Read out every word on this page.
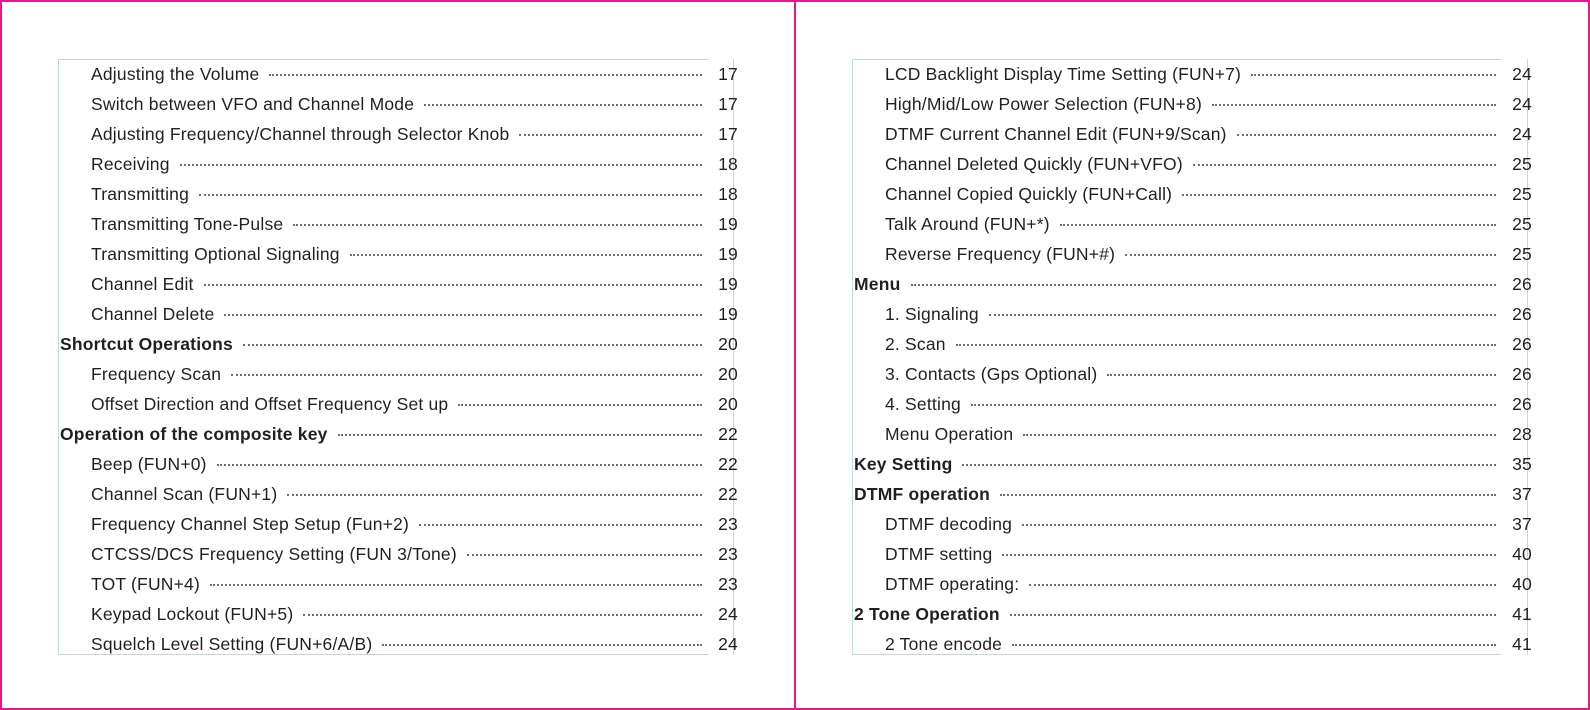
Adjusting the Volume	17
Switch between VFO and Channel Mode	17
Adjusting Frequency/Channel through Selector Knob	17
Receiving	18
Transmitting	18
Transmitting Tone-Pulse	19
Transmitting Optional Signaling	19
Channel Edit	19
Channel Delete	19
Shortcut Operations	20
Frequency Scan	20
Offset Direction and Offset Frequency Set up	20
Operation of the composite key	22
Beep (FUN+0)	22
Channel Scan (FUN+1)	22
Frequency Channel Step Setup (Fun+2)	23
CTCSS/DCS Frequency Setting (FUN 3/Tone)	23
TOT (FUN+4)	23
Keypad Lockout (FUN+5)	24
Squelch Level Setting (FUN+6/A/B)	24
LCD Backlight Display Time Setting (FUN+7)	24
High/Mid/Low Power Selection (FUN+8)	24
DTMF Current Channel Edit (FUN+9/Scan)	24
Channel Deleted Quickly (FUN+VFO)	25
Channel Copied Quickly (FUN+Call)	25
Talk Around (FUN+*)	25
Reverse Frequency (FUN+#)	25
Menu	26
1. Signaling	26
2. Scan	26
3. Contacts (Gps Optional)	26
4. Setting	26
Menu Operation	28
Key Setting	35
DTMF operation	37
DTMF decoding	37
DTMF setting	40
DTMF operating:	40
2 Tone Operation	41
2 Tone encode	41
